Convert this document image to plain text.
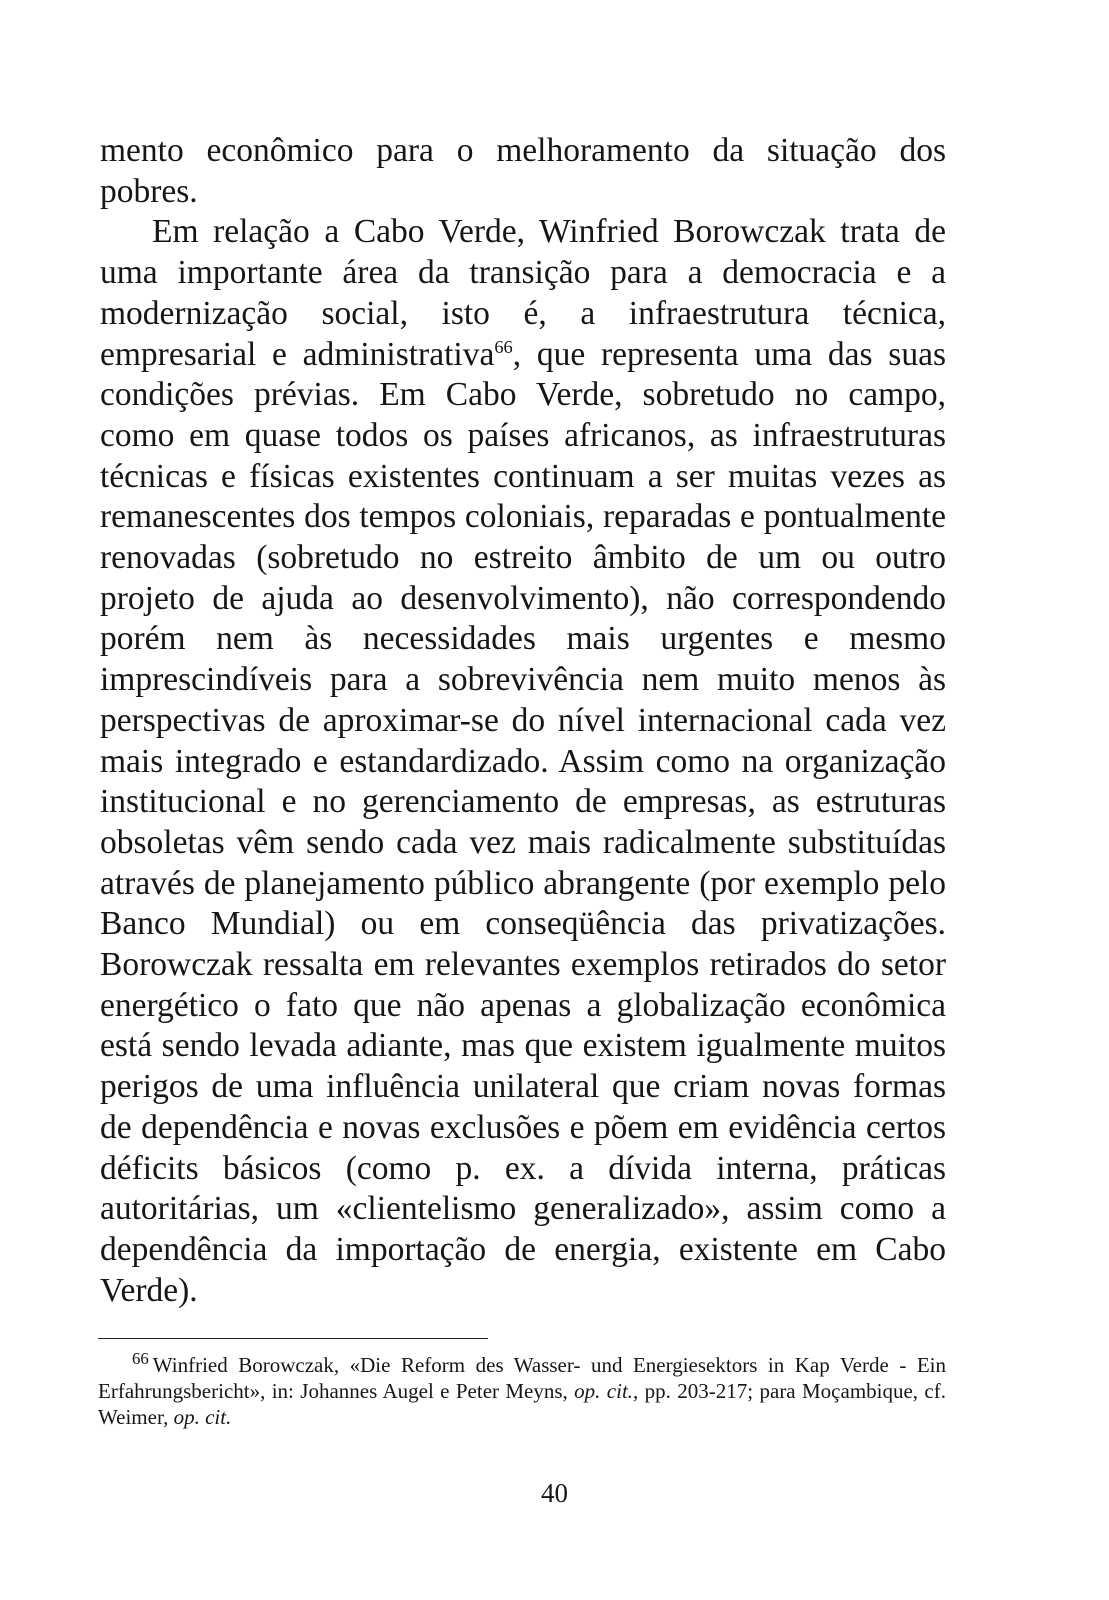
mento econômico para o melhoramento da situação dos pobres.

Em relação a Cabo Verde, Winfried Borowczak trata de uma importante área da transição para a democracia e a modernização social, isto é, a infraestrutura técnica, empresarial e administrativa$^{66}$, que representa uma das suas condições prévias. Em Cabo Verde, sobretudo no campo, como em quase todos os países africanos, as infraestruturas técnicas e físicas existentes continuam a ser muitas vezes as remanescentes dos tempos coloniais, reparadas e pontualmente renovadas (sobretudo no estreito âmbito de um ou outro projeto de ajuda ao desenvolvimento), não correspondendo porém nem às necessidades mais urgentes e mesmo imprescindíveis para a sobrevivência nem muito menos às perspectivas de aproximar-se do nível internacional cada vez mais integrado e estandardizado. Assim como na organização institucional e no gerenciamento de empresas, as estruturas obsoletas vêm sendo cada vez mais radicalmente substituídas através de planejamento público abrangente (por exemplo pelo Banco Mundial) ou em conseqüência das privatizações. Borowczak ressalta em relevantes exemplos retirados do setor energético o fato que não apenas a globalização econômica está sendo levada adiante, mas que existem igualmente muitos perigos de uma influência unilateral que criam novas formas de dependência e novas exclusões e põem em evidência certos déficits básicos (como p. ex. a dívida interna, práticas autoritárias, um «clientelismo generalizado», assim como a dependência da importação de energia, existente em Cabo Verde).

$^{66}$ Winfried Borowczak, «Die Reform des Wasser- und Energiesektors in Kap Verde - Ein Erfahrungsbericht», in: Johannes Augel e Peter Meyns, op. cit., pp. 203-217; para Moçambique, cf. Weimer, op. cit.

40
